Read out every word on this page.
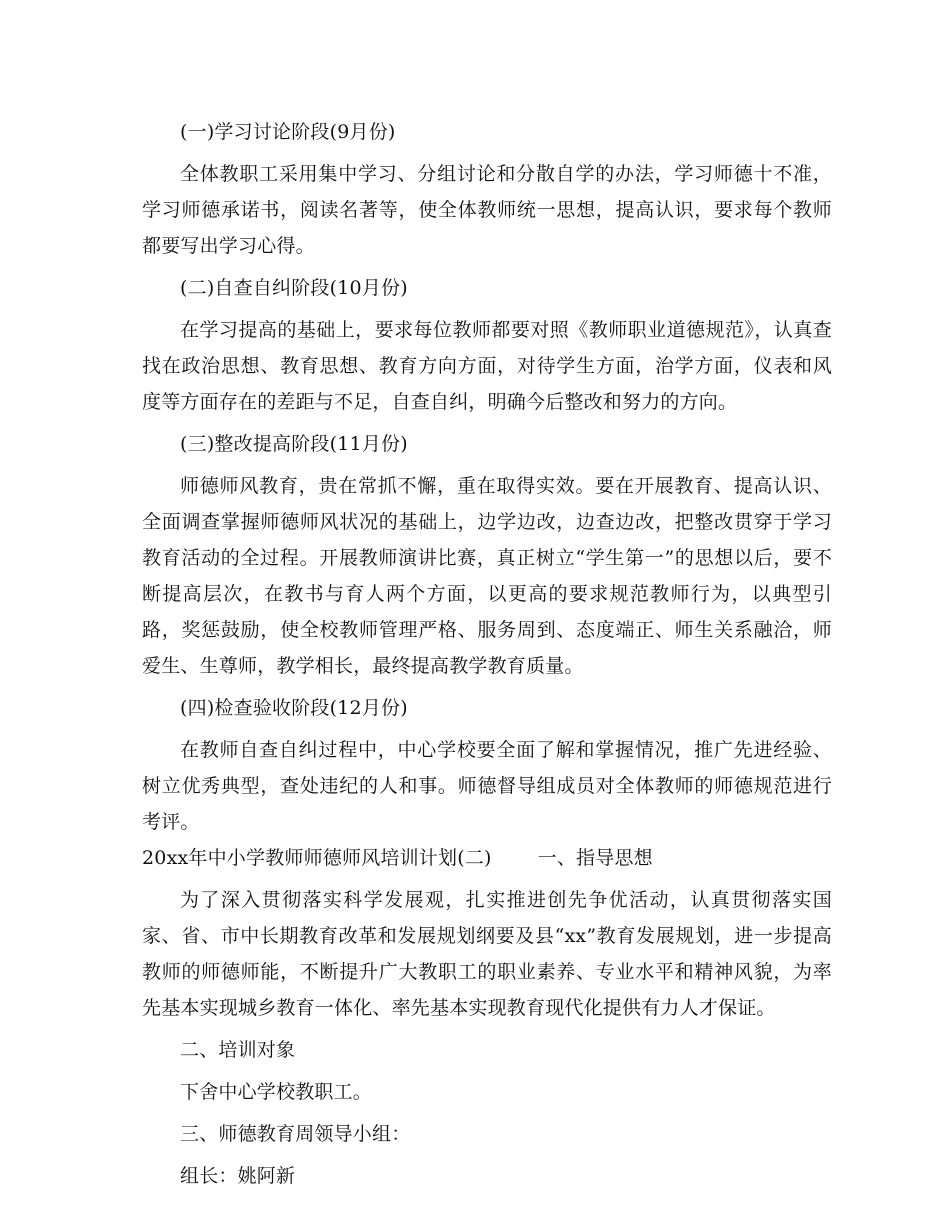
(一)学习讨论阶段(9月份)

全体教职工采用集中学习、分组讨论和分散自学的办法，学习师德十不准，学习师德承诺书，阅读名著等，使全体教师统一思想，提高认识，要求每个教师都要写出学习心得。

(二)自查自纠阶段(10月份)

在学习提高的基础上，要求每位教师都要对照《教师职业道德规范》，认真查找在政治思想、教育思想、教育方向方面，对待学生方面，治学方面，仪表和风度等方面存在的差距与不足，自查自纠，明确今后整改和努力的方向。

(三)整改提高阶段(11月份)

师德师风教育，贵在常抓不懈，重在取得实效。要在开展教育、提高认识、全面调查掌握师德师风状况的基础上，边学边改，边查边改，把整改贯穿于学习教育活动的全过程。开展教师演讲比赛，真正树立“学生第一”的思想以后，要不断提高层次，在教书与育人两个方面，以更高的要求规范教师行为，以典型引路，奖惩鼓励，使全校教师管理严格、服务周到、态度端正、师生关系融洽，师爱生、生尊师，教学相长，最终提高教学教育质量。

(四)检查验收阶段(12月份)

在教师自查自纠过程中，中心学校要全面了解和掌握情况，推广先进经验、树立优秀典型，查处违纪的人和事。师德督导组成员对全体教师的师德规范进行考评。

20xx年中小学教师师德师风培训计划(二) 一、指导思想

为了深入贯彻落实科学发展观，扎实推进创先争优活动，认真贯彻落实国家、省、市中长期教育改革和发展规划纲要及县“xx”教育发展规划，进一步提高教师的师德师能，不断提升广大教职工的职业素养、专业水平和精神风貌，为率先基本实现城乡教育一体化、率先基本实现教育现代化提供有力人才保证。

二、培训对象

下舍中心学校教职工。

三、师德教育周领导小组：

组长：姚阿新
